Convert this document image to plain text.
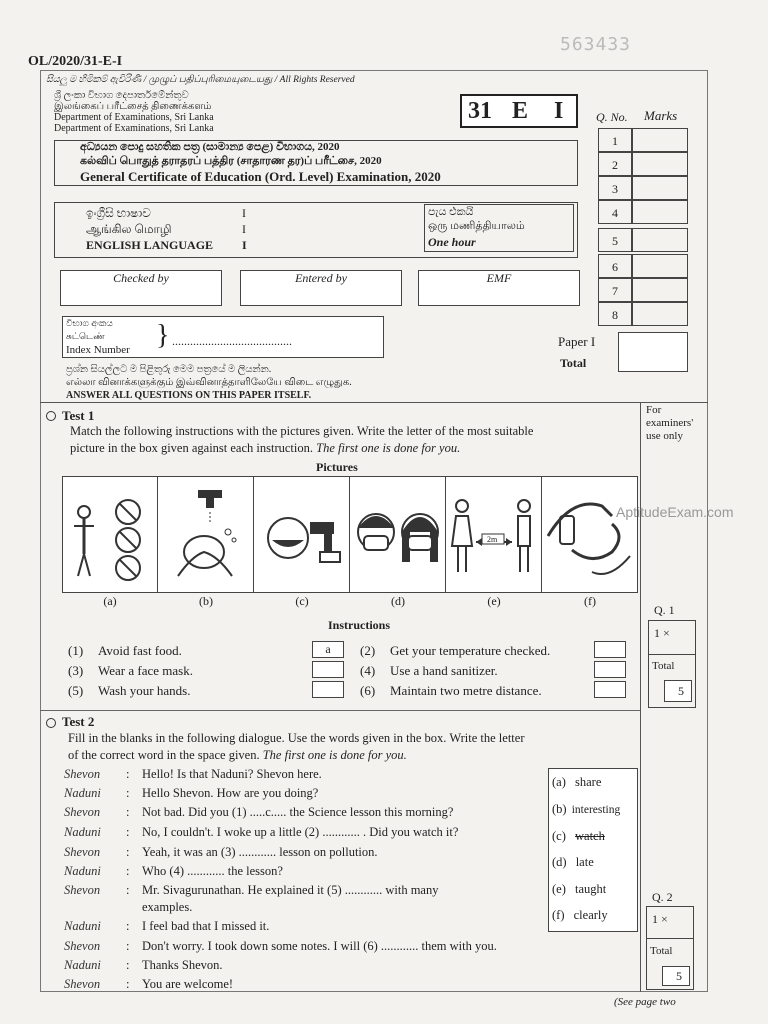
563433
OL/2020/31-E-I
සියලු ම හිමිකම් ඇවිරිණි / முழுப் பதிப்புரிமையுடையது / All Rights Reserved
ශ්‍රී ලංකා විභාග දෙපාර්තමේන්තුව
இலங்கைப் பரீட்சைத் திணைக்களம்
Department of Examinations, Sri Lanka
Department of Examinations, Sri Lanka
31 E I
අධ්‍යයන පොදු සහතික පත්‍ර (සාමාන්‍ය පෙළ) විභාගය, 2020
கல்விப் பொதுத் தராதரப் பத்திர (சாதாரண தர)ப் பரீட்சை, 2020
General Certificate of Education (Ord. Level) Examination, 2020
ඉංග්‍රීසි භාෂාව
ஆங்கில மொழி
ENGLISH LANGUAGE
I
I
I
පැය එකයි
ஒரு மணித்தியாலம்
One hour
Checked by	Entered by	EMF
විභාග අංකය
சுட்டெண்
Index Number } ........................................
Q. No. Marks
1
2
3
4
5
6
7
8
Paper I
Total
ප්‍රශ්න සියල්ලට ම පිළිතුරු මෙම පත්‍රයේ ම ලියන්න.
எல்லா வினாக்களுக்கும் இவ்வினாத்தாளிலேயே விடை எழுதுக.
ANSWER ALL QUESTIONS ON THIS PAPER ITSELF.
For examiners' use only
Test 1
Match the following instructions with the pictures given. Write the letter of the most suitable
picture in the box given against each instruction. The first one is done for you.
Pictures
2m
(a)	(b)	(c)	(d)	(e)	(f)
AptitudeExam.com
Instructions
(1) Avoid fast food.	a	(2) Get your temperature checked.
(3) Wear a face mask.	(4) Use a hand sanitizer.
(5) Wash your hands.	(6) Maintain two metre distance.
Q. 1
1 ×
Total
5
Test 2
Fill in the blanks in the following dialogue. Use the words given in the box. Write the letter
of the correct word in the space given. The first one is done for you.
Shevon : Hello! Is that Naduni? Shevon here.
Naduni : Hello Shevon. How are you doing?
Shevon : Not bad. Did you (1) .....c..... the Science lesson this morning?
Naduni : No, I couldn't. I woke up a little (2) ............ . Did you watch it?
Shevon : Yeah, it was an (3) ............ lesson on pollution.
Naduni : Who (4) ............ the lesson?
Shevon : Mr. Sivagurunathan. He explained it (5) ............ with many
examples.
Naduni : I feel bad that I missed it.
Shevon : Don't worry. I took down some notes. I will (6) ............ them with you.
Naduni : Thanks Shevon.
Shevon : You are welcome!
(a) share
(b) interesting
(c) watch
(d) late
(e) taught
(f) clearly
Q. 2
1 ×
Total
5
(See page two
